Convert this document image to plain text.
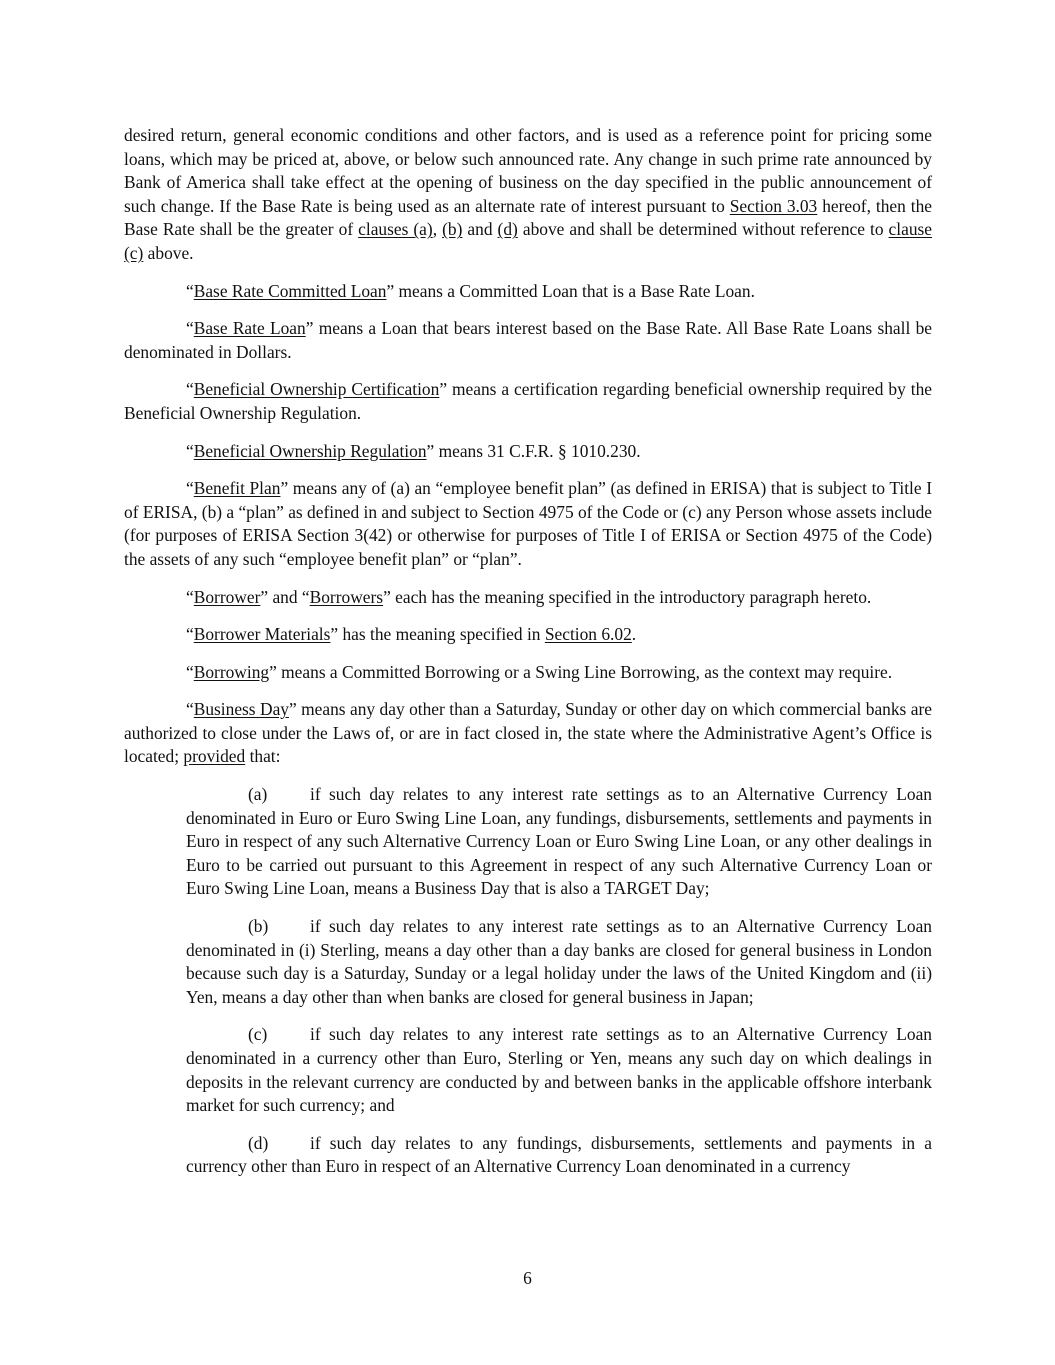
desired return, general economic conditions and other factors, and is used as a reference point for pricing some loans, which may be priced at, above, or below such announced rate. Any change in such prime rate announced by Bank of America shall take effect at the opening of business on the day specified in the public announcement of such change. If the Base Rate is being used as an alternate rate of interest pursuant to Section 3.03 hereof, then the Base Rate shall be the greater of clauses (a), (b) and (d) above and shall be determined without reference to clause (c) above.

“Base Rate Committed Loan” means a Committed Loan that is a Base Rate Loan.

“Base Rate Loan” means a Loan that bears interest based on the Base Rate. All Base Rate Loans shall be denominated in Dollars.

“Beneficial Ownership Certification” means a certification regarding beneficial ownership required by the Beneficial Ownership Regulation.

“Beneficial Ownership Regulation” means 31 C.F.R. § 1010.230.

“Benefit Plan” means any of (a) an “employee benefit plan” (as defined in ERISA) that is subject to Title I of ERISA, (b) a “plan” as defined in and subject to Section 4975 of the Code or (c) any Person whose assets include (for purposes of ERISA Section 3(42) or otherwise for purposes of Title I of ERISA or Section 4975 of the Code) the assets of any such “employee benefit plan” or “plan”.

“Borrower” and “Borrowers” each has the meaning specified in the introductory paragraph hereto.

“Borrower Materials” has the meaning specified in Section 6.02.

“Borrowing” means a Committed Borrowing or a Swing Line Borrowing, as the context may require.

“Business Day” means any day other than a Saturday, Sunday or other day on which commercial banks are authorized to close under the Laws of, or are in fact closed in, the state where the Administrative Agent’s Office is located; provided that:

(a) if such day relates to any interest rate settings as to an Alternative Currency Loan denominated in Euro or Euro Swing Line Loan, any fundings, disbursements, settlements and payments in Euro in respect of any such Alternative Currency Loan or Euro Swing Line Loan, or any other dealings in Euro to be carried out pursuant to this Agreement in respect of any such Alternative Currency Loan or Euro Swing Line Loan, means a Business Day that is also a TARGET Day;

(b) if such day relates to any interest rate settings as to an Alternative Currency Loan denominated in (i) Sterling, means a day other than a day banks are closed for general business in London because such day is a Saturday, Sunday or a legal holiday under the laws of the United Kingdom and (ii) Yen, means a day other than when banks are closed for general business in Japan;

(c) if such day relates to any interest rate settings as to an Alternative Currency Loan denominated in a currency other than Euro, Sterling or Yen, means any such day on which dealings in deposits in the relevant currency are conducted by and between banks in the applicable offshore interbank market for such currency; and

(d) if such day relates to any fundings, disbursements, settlements and payments in a currency other than Euro in respect of an Alternative Currency Loan denominated in a currency

6
